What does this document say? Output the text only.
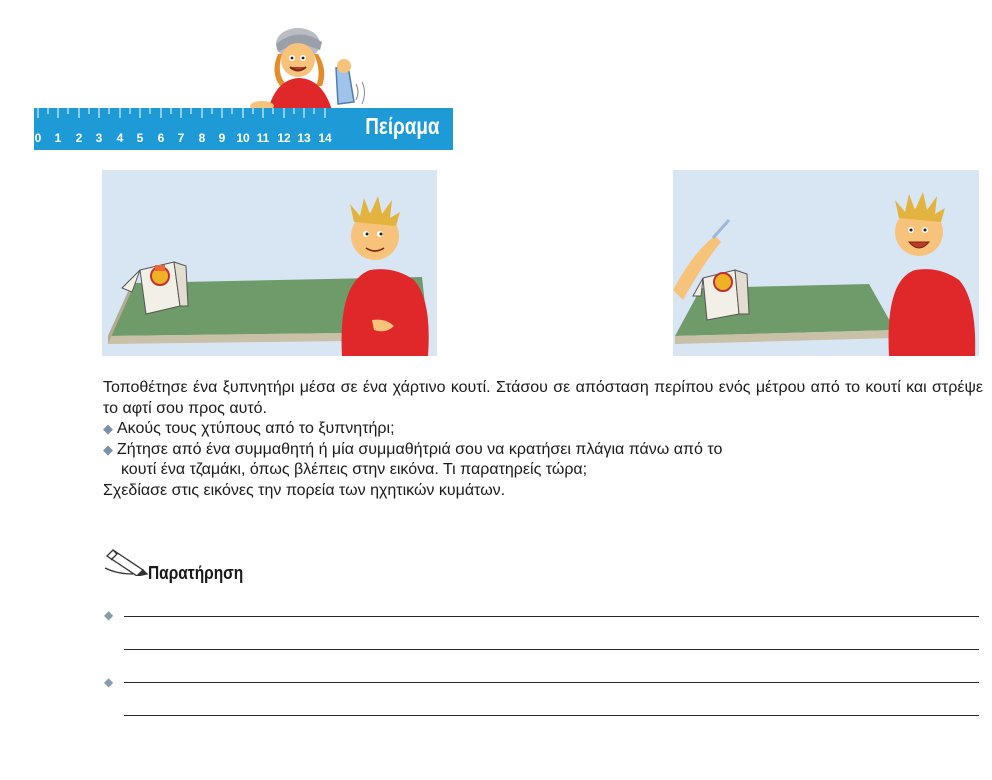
0 1 2 3 4 5 6 7 8 9 10 11 12 13 14 Πείραμα

Τοποθέτησε ένα ξυπνητήρι μέσα σε ένα χάρτινο κουτί. Στάσου σε απόσταση περίπου ενός μέτρου από το κουτί και στρέψε το αφτί σου προς αυτό.

◆ Ακούς τους χτύπους από το ξυπνητήρι;

◆ Ζήτησε από ένα συμμαθητή ή μία συμμαθήτριά σου να κρατήσει πλάγια πάνω από το

κουτί ένα τζαμάκι, όπως βλέπεις στην εικόνα. Τι παρατηρείς τώρα;

Σχεδίασε στις εικόνες την πορεία των ηχητικών κυμάτων.

Παρατήρηση
◆
◆
